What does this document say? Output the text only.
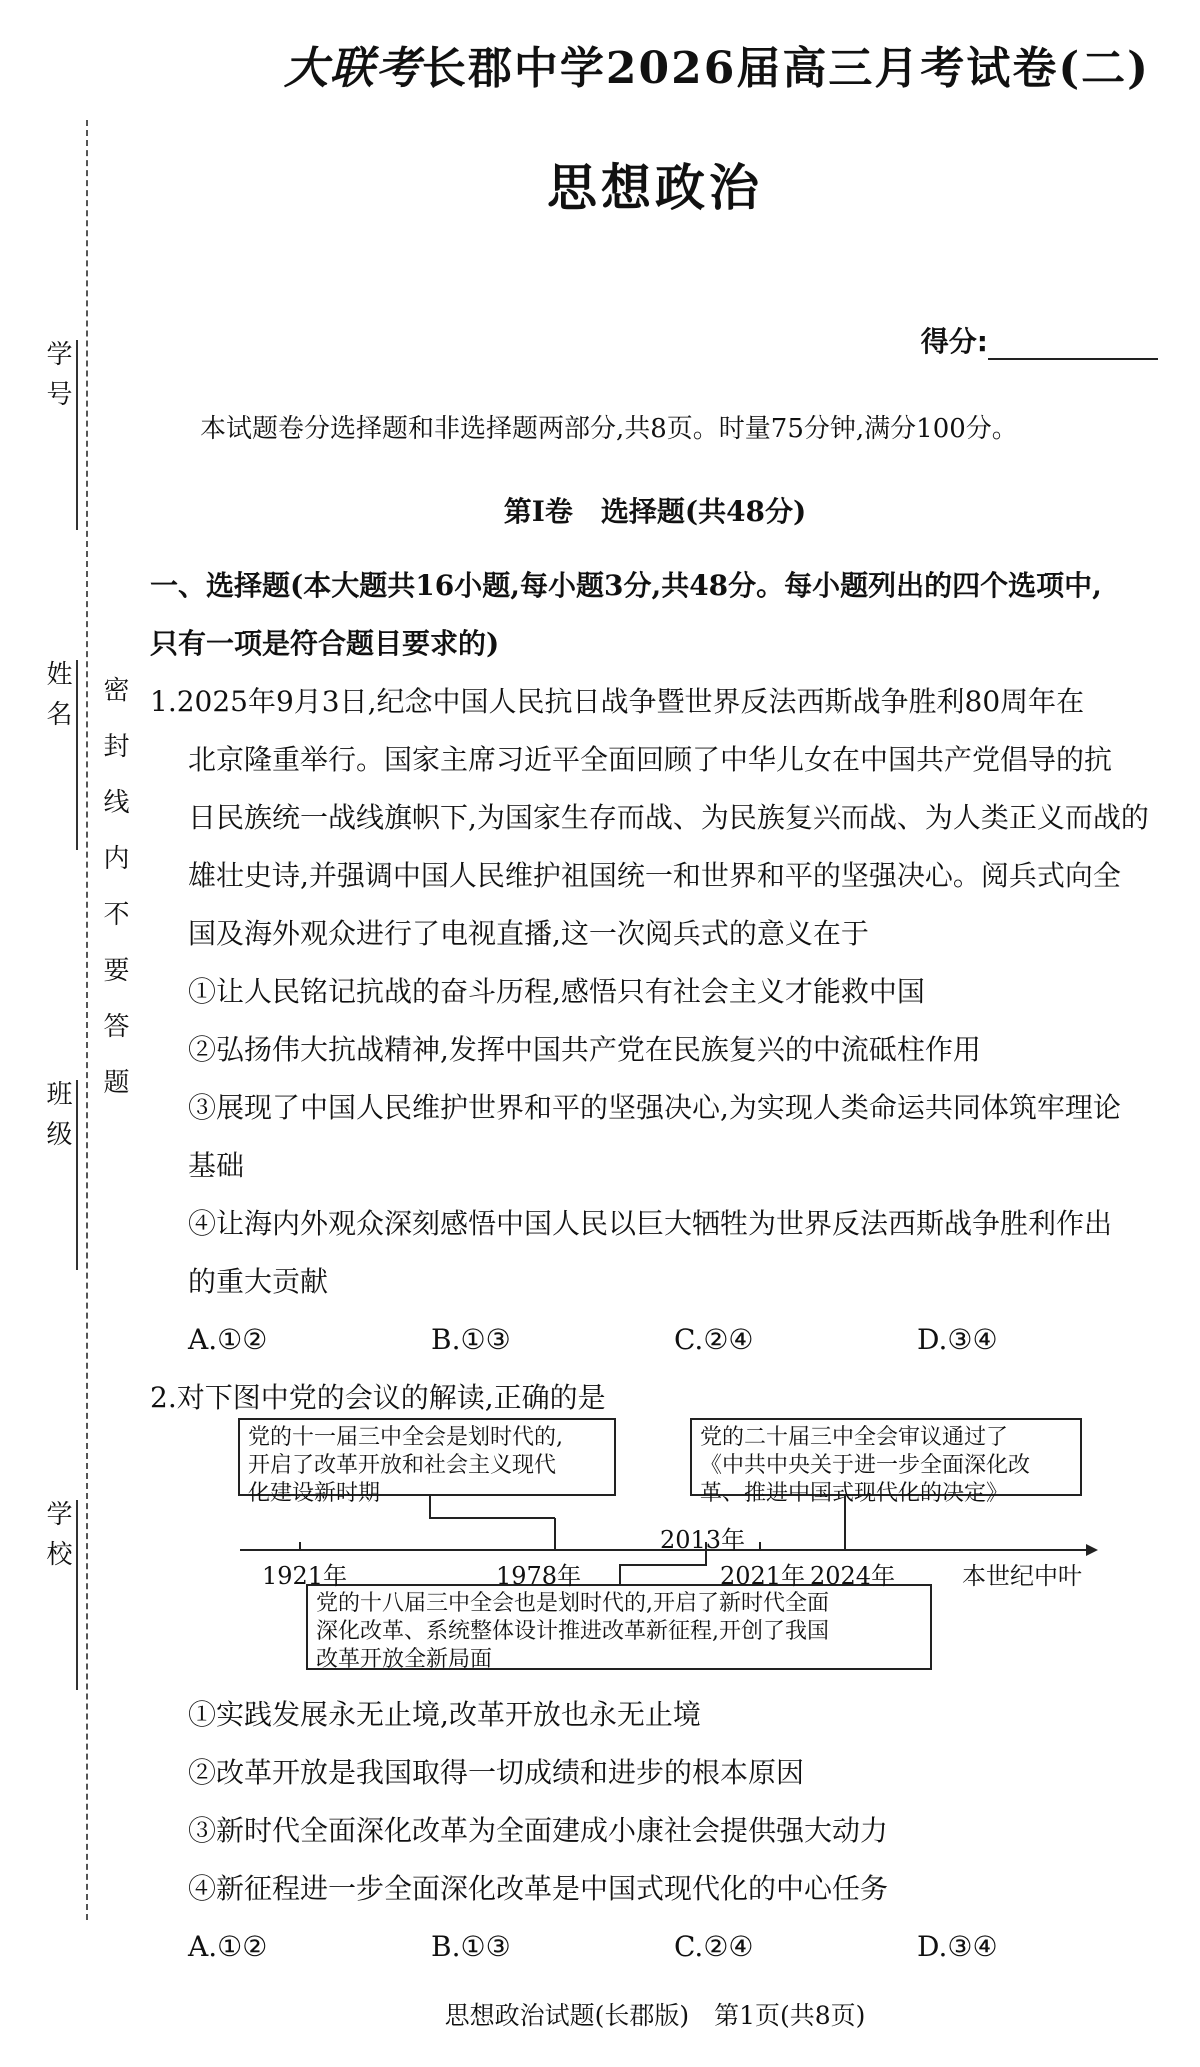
学号
姓名
班级
学校
密封线内不要答题
大联考长郡中学2026届高三月考试卷(二)
思想政治
得分:
本试题卷分选择题和非选择题两部分,共8页。时量75分钟,满分100分。
第Ⅰ卷　选择题(共48分)

一、选择题(本大题共16小题,每小题3分,共48分。每小题列出的四个选项中,

只有一项是符合题目要求的)

1.2025年9月3日,纪念中国人民抗日战争暨世界反法西斯战争胜利80周年在

北京隆重举行。国家主席习近平全面回顾了中华儿女在中国共产党倡导的抗

日民族统一战线旗帜下,为国家生存而战、为民族复兴而战、为人类正义而战的

雄壮史诗,并强调中国人民维护祖国统一和世界和平的坚强决心。阅兵式向全

国及海外观众进行了电视直播,这一次阅兵式的意义在于

①让人民铭记抗战的奋斗历程,感悟只有社会主义才能救中国

②弘扬伟大抗战精神,发挥中国共产党在民族复兴的中流砥柱作用

③展现了中国人民维护世界和平的坚强决心,为实现人类命运共同体筑牢理论

基础

④让海内外观众深刻感悟中国人民以巨大牺牲为世界反法西斯战争胜利作出

的重大贡献

A.①②	B.①③	C.②④	D.③④

2.对下图中党的会议的解读,正确的是

党的十一届三中全会是划时代的,
开启了改革开放和社会主义现代
化建设新时期
党的二十届三中全会审议通过了
《中共中央关于进一步全面深化改
革、推进中国式现代化的决定》
党的十八届三中全会也是划时代的,开启了新时代全面
深化改革、系统整体设计推进改革新征程,开创了我国
改革开放全新局面
1921年	1978年
2013年
2021年 2024年	本世纪中叶

①实践发展永无止境,改革开放也永无止境

②改革开放是我国取得一切成绩和进步的根本原因

③新时代全面深化改革为全面建成小康社会提供强大动力

④新征程进一步全面深化改革是中国式现代化的中心任务

A.①②	B.①③	C.②④	D.③④
思想政治试题(长郡版)　第1页(共8页)
